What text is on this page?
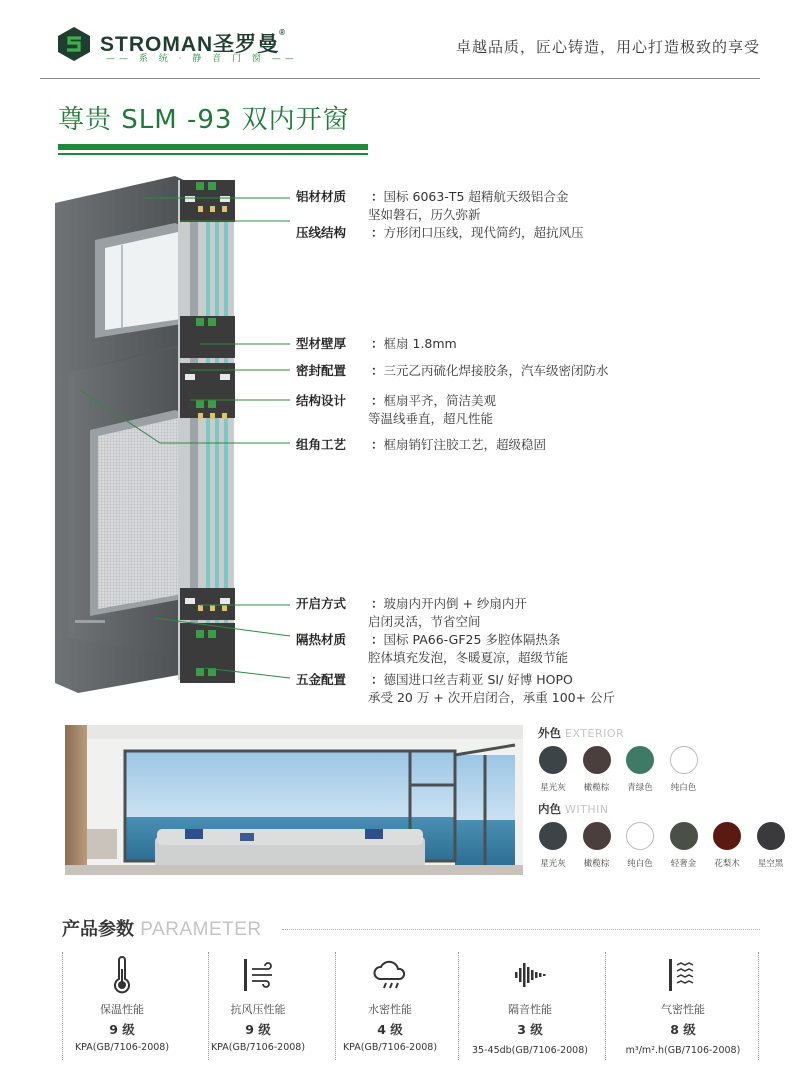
STROMAN圣罗曼®
—— 系 统 · 静 音 门 窗 ——
卓越品质，匠心铸造，用心打造极致的享受
尊贵 SLM -93 双内开窗
铝材材质 ：国标 6063-T5 超精航天级铝合金
坚如磐石，历久弥新
压线结构 ：方形闭口压线，现代简约，超抗风压
型材壁厚 ：框扇 1.8mm
密封配置 ：三元乙丙硫化焊接胶条，汽车级密闭防水
结构设计 ：框扇平齐，简洁美观
等温线垂直，超凡性能
组角工艺 ：框扇销钉注胶工艺，超级稳固
开启方式 ：玻扇内开内倒 + 纱扇内开
启闭灵活，节省空间
隔热材质 ：国标 PA66-GF25 多腔体隔热条
腔体填充发泡，冬暖夏凉，超级节能
五金配置 ：德国进口丝吉莉亚 SI/ 好博 HOPO
承受 20 万 + 次开启闭合，承重 100+ 公斤
外色 EXTERIOR
内色 WITHIN
星光灰	橄榄棕	青绿色	纯白色
星光灰	橄榄棕	纯白色	轻奢金	花梨木	星空黑
产品参数 PARAMETER
保温性能
9 级
KPA(GB/7106-2008)
抗风压性能
9 级
KPA(GB/7106-2008)
水密性能
4 级
KPA(GB/7106-2008)
隔音性能
3 级
35-45db(GB/7106-2008)
气密性能
8 级
m³/m².h(GB/7106-2008)
